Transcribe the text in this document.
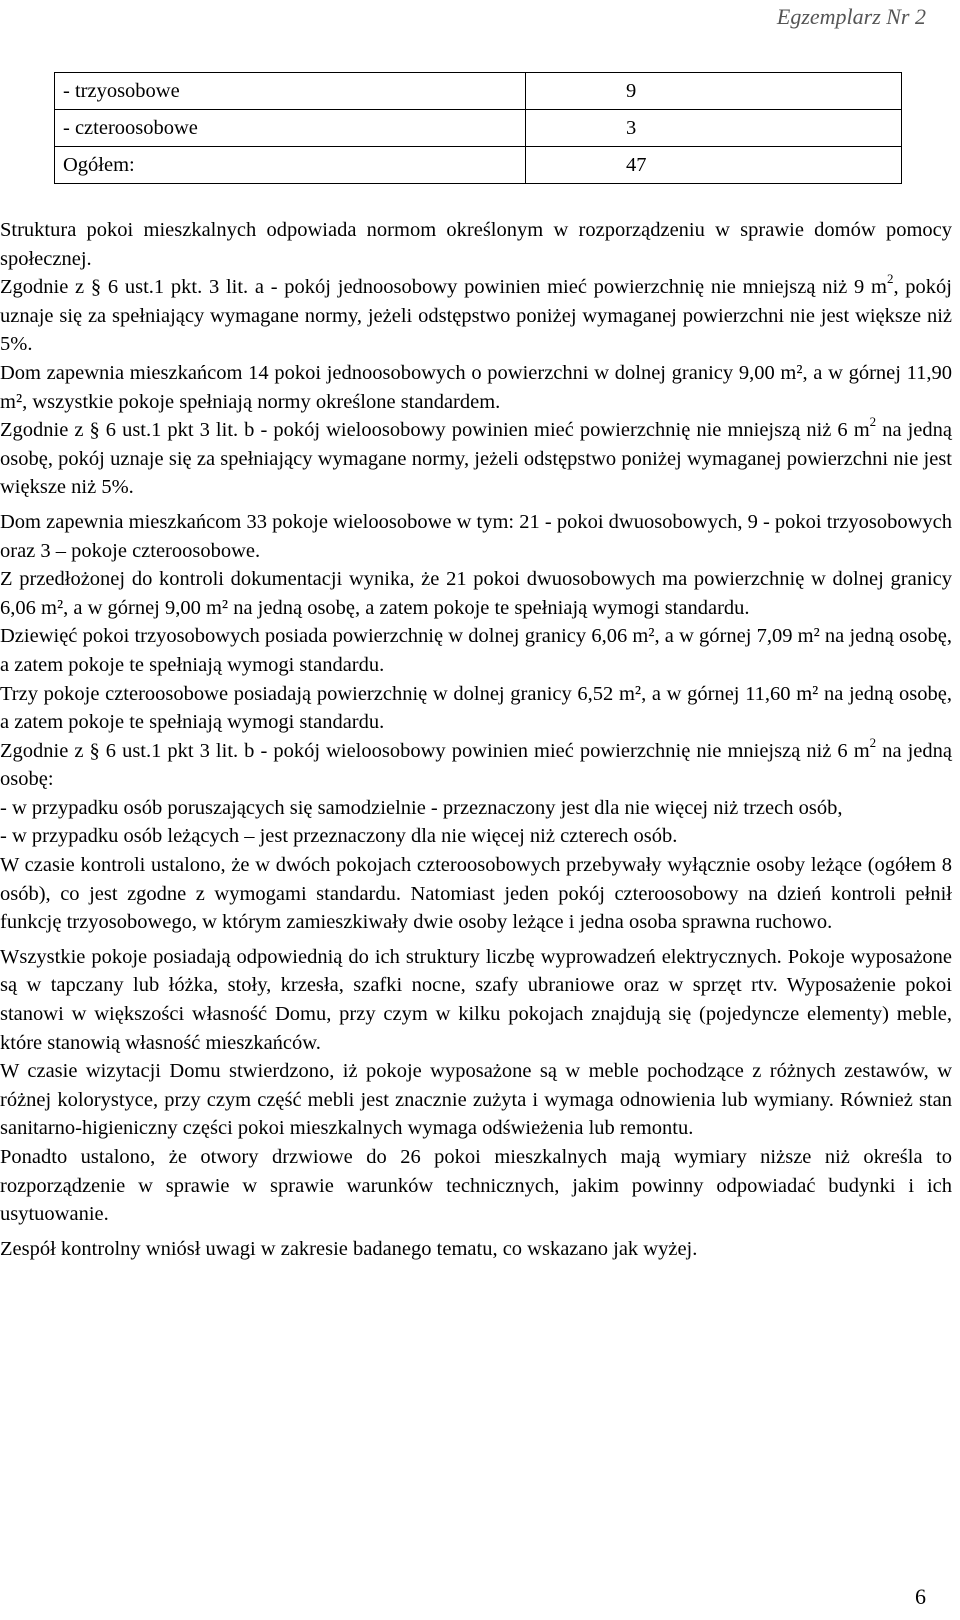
Egzemplarz Nr 2
- trzyosobowe	9
- czteroosobowe	3
Ogółem:	47

Struktura pokoi mieszkalnych odpowiada normom określonym w rozporządzeniu w sprawie domów pomocy społecznej.

Zgodnie z § 6 ust.1 pkt. 3 lit. a - pokój jednoosobowy powinien mieć powierzchnię nie mniejszą niż 9 $m^2$, pokój uznaje się za spełniający wymagane normy, jeżeli odstępstwo poniżej wymaganej powierzchni nie jest większe niż 5%.

Dom zapewnia mieszkańcom 14 pokoi jednoosobowych o powierzchni w dolnej granicy 9,00 m², a w górnej 11,90 m², wszystkie pokoje spełniają normy określone standardem.

Zgodnie z § 6 ust.1 pkt 3 lit. b - pokój wieloosobowy powinien mieć powierzchnię nie mniejszą niż 6 $m^2$ na jedną osobę, pokój uznaje się za spełniający wymagane normy, jeżeli odstępstwo poniżej wymaganej powierzchni nie jest większe niż 5%.

Dom zapewnia mieszkańcom 33 pokoje wieloosobowe w tym: 21 - pokoi dwuosobowych, 9 - pokoi trzyosobowych oraz 3 – pokoje czteroosobowe.

Z przedłożonej do kontroli dokumentacji wynika, że 21 pokoi dwuosobowych ma powierzchnię w dolnej granicy 6,06 m², a w górnej 9,00 m² na jedną osobę, a zatem pokoje te spełniają wymogi standardu.

Dziewięć pokoi trzyosobowych posiada powierzchnię w dolnej granicy 6,06 m², a w górnej 7,09 m² na jedną osobę, a zatem pokoje te spełniają wymogi standardu.

Trzy pokoje czteroosobowe posiadają powierzchnię w dolnej granicy 6,52 m², a w górnej 11,60 m² na jedną osobę, a zatem pokoje te spełniają wymogi standardu.

Zgodnie z § 6 ust.1 pkt 3 lit. b - pokój wieloosobowy powinien mieć powierzchnię nie mniejszą niż 6 $m^2$ na jedną osobę:

- w przypadku osób poruszających się samodzielnie - przeznaczony jest dla nie więcej niż trzech osób,

- w przypadku osób leżących – jest przeznaczony dla nie więcej niż czterech osób.

W czasie kontroli ustalono, że w dwóch pokojach czteroosobowych przebywały wyłącznie osoby leżące (ogółem 8 osób), co jest zgodne z wymogami standardu. Natomiast jeden pokój czteroosobowy na dzień kontroli pełnił funkcję trzyosobowego, w którym zamieszkiwały dwie osoby leżące i jedna osoba sprawna ruchowo.

Wszystkie pokoje posiadają odpowiednią do ich struktury liczbę wyprowadzeń elektrycznych. Pokoje wyposażone są w tapczany lub łóżka, stoły, krzesła, szafki nocne, szafy ubraniowe oraz w sprzęt rtv. Wyposażenie pokoi stanowi w większości własność Domu, przy czym w kilku pokojach znajdują się (pojedyncze elementy) meble, które stanowią własność mieszkańców.

W czasie wizytacji Domu stwierdzono, iż pokoje wyposażone są w meble pochodzące z różnych zestawów, w różnej kolorystyce, przy czym część mebli jest znacznie zużyta i wymaga odnowienia lub wymiany. Również stan sanitarno-higieniczny części pokoi mieszkalnych wymaga odświeżenia lub remontu.

Ponadto ustalono, że otwory drzwiowe do 26 pokoi mieszkalnych mają wymiary niższe niż określa to rozporządzenie w sprawie w sprawie warunków technicznych, jakim powinny odpowiadać budynki i ich usytuowanie.

Zespół kontrolny wniósł uwagi w zakresie badanego tematu, co wskazano jak wyżej.

6
